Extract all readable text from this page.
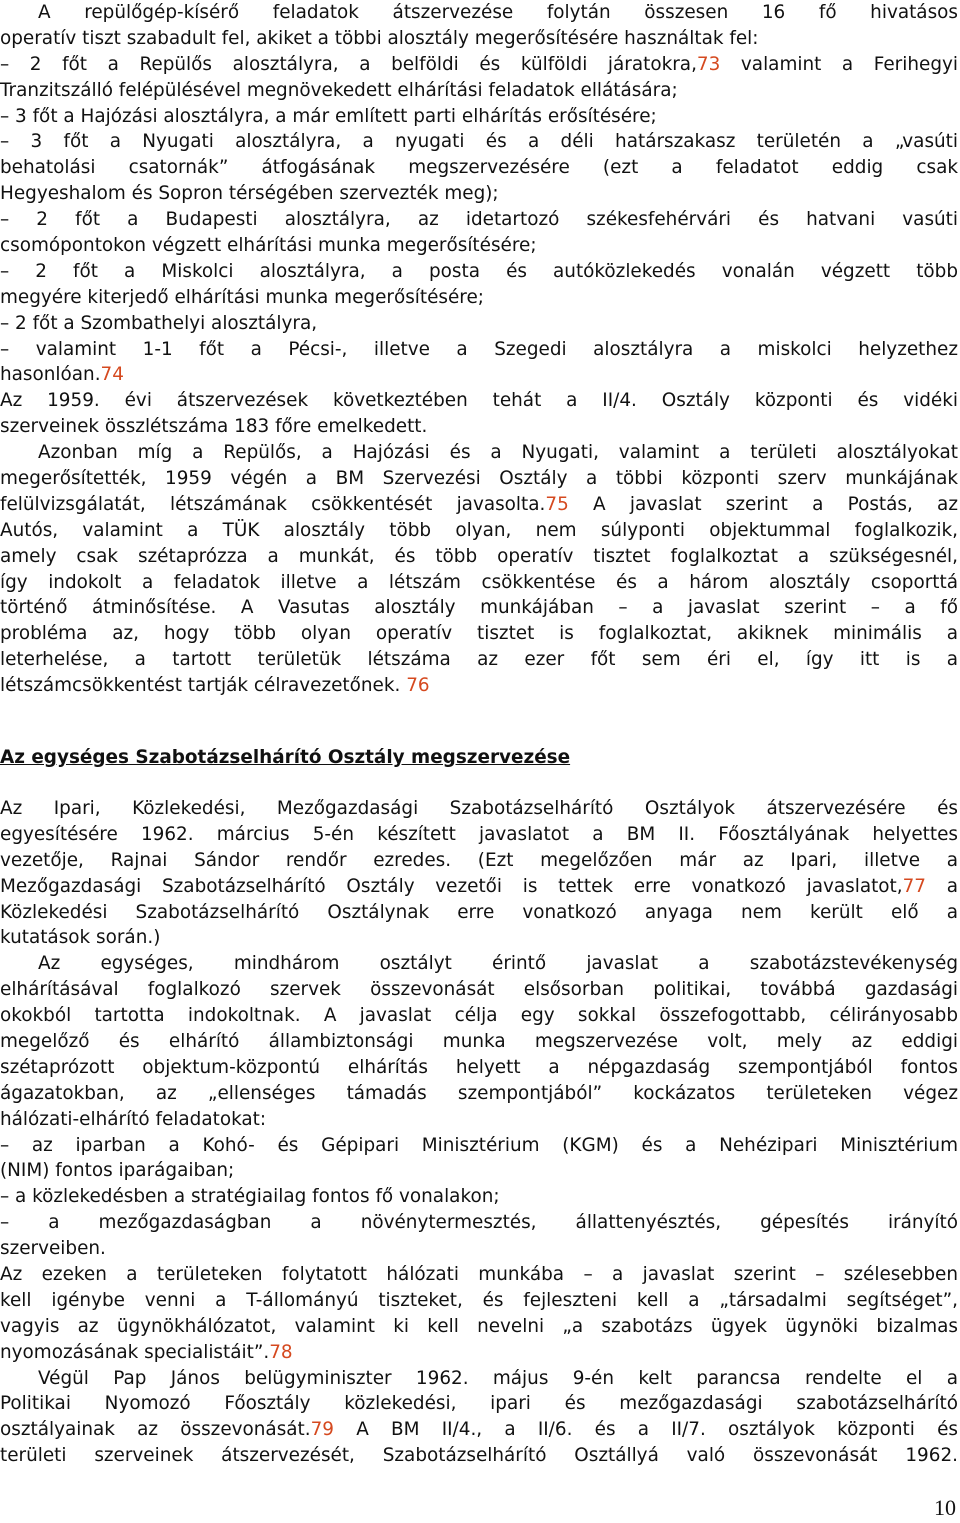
A repülőgép-kísérő feladatok átszervezése folytán összesen 16 fő hivatásos
operatív tiszt szabadult fel, akiket a többi alosztály megerősítésére használtak fel:
– 2 főt a Repülős alosztályra, a belföldi és külföldi járatokra,73 valamint a Ferihegyi
Tranzitszálló felépülésével megnövekedett elhárítási feladatok ellátására;
– 3 főt a Hajózási alosztályra, a már említett parti elhárítás erősítésére;
– 3 főt a Nyugati alosztályra, a nyugati és a déli határszakasz területén a „vasúti
behatolási csatornák” átfogásának megszervezésére (ezt a feladatot eddig csak
Hegyeshalom és Sopron térségében szervezték meg);
– 2 főt a Budapesti alosztályra, az idetartozó székesfehérvári és hatvani vasúti
csomópontokon végzett elhárítási munka megerősítésére;
– 2 főt a Miskolci alosztályra, a posta és autóközlekedés vonalán végzett több
megyére kiterjedő elhárítási munka megerősítésére;
– 2 főt a Szombathelyi alosztályra,
– valamint 1-1 főt a Pécsi-, illetve a Szegedi alosztályra a miskolci helyzethez
hasonlóan.74
Az 1959. évi átszervezések következtében tehát a II/4. Osztály központi és vidéki
szerveinek összlétszáma 183 főre emelkedett.
Azonban míg a Repülős, a Hajózási és a Nyugati, valamint a területi alosztályokat
megerősítették, 1959 végén a BM Szervezési Osztály a többi központi szerv munkájának
felülvizsgálatát, létszámának csökkentését javasolta.75 A javaslat szerint a Postás, az
Autós, valamint a TÜK alosztály több olyan, nem súlyponti objektummal foglalkozik,
amely csak szétaprózza a munkát, és több operatív tisztet foglalkoztat a szükségesnél,
így indokolt a feladatok illetve a létszám csökkentése és a három alosztály csoporttá
történő átminősítése. A Vasutas alosztály munkájában – a javaslat szerint – a fő
probléma az, hogy több olyan operatív tisztet is foglalkoztat, akiknek minimális a
leterhelése, a tartott területük létszáma az ezer főt sem éri el, így itt is a
létszámcsökkentést tartják célravezetőnek. 76
Az egységes Szabotázselhárító Osztály megszervezése
Az Ipari, Közlekedési, Mezőgazdasági Szabotázselhárító Osztályok átszervezésére és
egyesítésére 1962. március 5-én készített javaslatot a BM II. Főosztályának helyettes
vezetője, Rajnai Sándor rendőr ezredes. (Ezt megelőzően már az Ipari, illetve a
Mezőgazdasági Szabotázselhárító Osztály vezetői is tettek erre vonatkozó javaslatot,77 a
Közlekedési Szabotázselhárító Osztálynak erre vonatkozó anyaga nem került elő a
kutatások során.)
Az egységes, mindhárom osztályt érintő javaslat a szabotázstevékenység
elhárításával foglalkozó szervek összevonását elsősorban politikai, továbbá gazdasági
okokból tartotta indokoltnak. A javaslat célja egy sokkal összefogottabb, célirányosabb
megelőző és elhárító állambiztonsági munka megszervezése volt, mely az eddigi
szétaprózott objektum-központú elhárítás helyett a népgazdaság szempontjából fontos
ágazatokban, az „ellenséges támadás szempontjából” kockázatos területeken végez
hálózati-elhárító feladatokat:
– az iparban a Kohó- és Gépipari Minisztérium (KGM) és a Nehézipari Minisztérium
(NIM) fontos iparágaiban;
– a közlekedésben a stratégiailag fontos fő vonalakon;
– a mezőgazdaságban a növénytermesztés, állattenyésztés, gépesítés irányító
szerveiben.
Az ezeken a területeken folytatott hálózati munkába – a javaslat szerint – szélesebben
kell igénybe venni a T-állományú tiszteket, és fejleszteni kell a „társadalmi segítséget”,
vagyis az ügynökhálózatot, valamint ki kell nevelni „a szabotázs ügyek ügynöki bizalmas
nyomozásának specialistáit”.78
Végül Pap János belügyminiszter 1962. május 9-én kelt parancsa rendelte el a
Politikai Nyomozó Főosztály közlekedési, ipari és mezőgazdasági szabotázselhárító
osztályainak az összevonását.79 A BM II/4., a II/6. és a II/7. osztályok központi és
területi szerveinek átszervezését, Szabotázselhárító Osztállyá való összevonását 1962.
10
